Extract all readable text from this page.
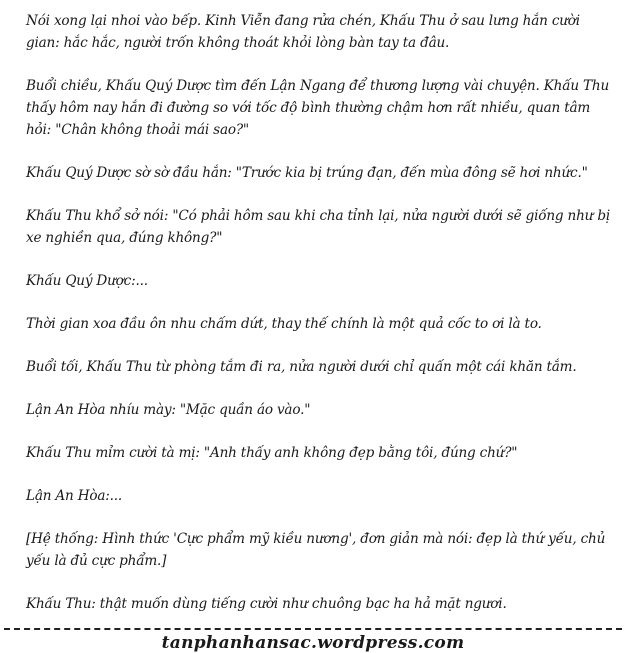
Nói xong lại nhoi vào bếp. Kinh Viễn đang rửa chén, Khấu Thu ở sau lưng hắn cười gian: hắc hắc, người trốn không thoát khỏi lòng bàn tay ta đâu.

Buổi chiều, Khấu Quý Dược tìm đến Lận Ngang để thương lượng vài chuyện. Khấu Thu thấy hôm nay hắn đi đường so với tốc độ bình thường chậm hơn rất nhiều, quan tâm hỏi: "Chân không thoải mái sao?"

Khấu Quý Dược sờ sờ đầu hắn: "Trước kia bị trúng đạn, đến mùa đông sẽ hơi nhức."

Khấu Thu khổ sở nói: "Có phải hôm sau khi cha tỉnh lại, nửa người dưới sẽ giống như bị xe nghiền qua, đúng không?"

Khấu Quý Dược:...

Thời gian xoa đầu ôn nhu chấm dứt, thay thế chính là một quả cốc to ơi là to.

Buổi tối, Khấu Thu từ phòng tắm đi ra, nửa người dưới chỉ quấn một cái khăn tắm.

Lận An Hòa nhíu mày: "Mặc quần áo vào."

Khấu Thu mỉm cười tà mị: "Anh thấy anh không đẹp bằng tôi, đúng chứ?"

Lận An Hòa:...

[Hệ thống: Hình thức 'Cực phẩm mỹ kiều nương', đơn giản mà nói: đẹp là thứ yếu, chủ yếu là đủ cực phẩm.]

Khấu Thu: thật muốn dùng tiếng cười như chuông bạc ha hả mặt ngươi.

tanphanhansac.wordpress.com
